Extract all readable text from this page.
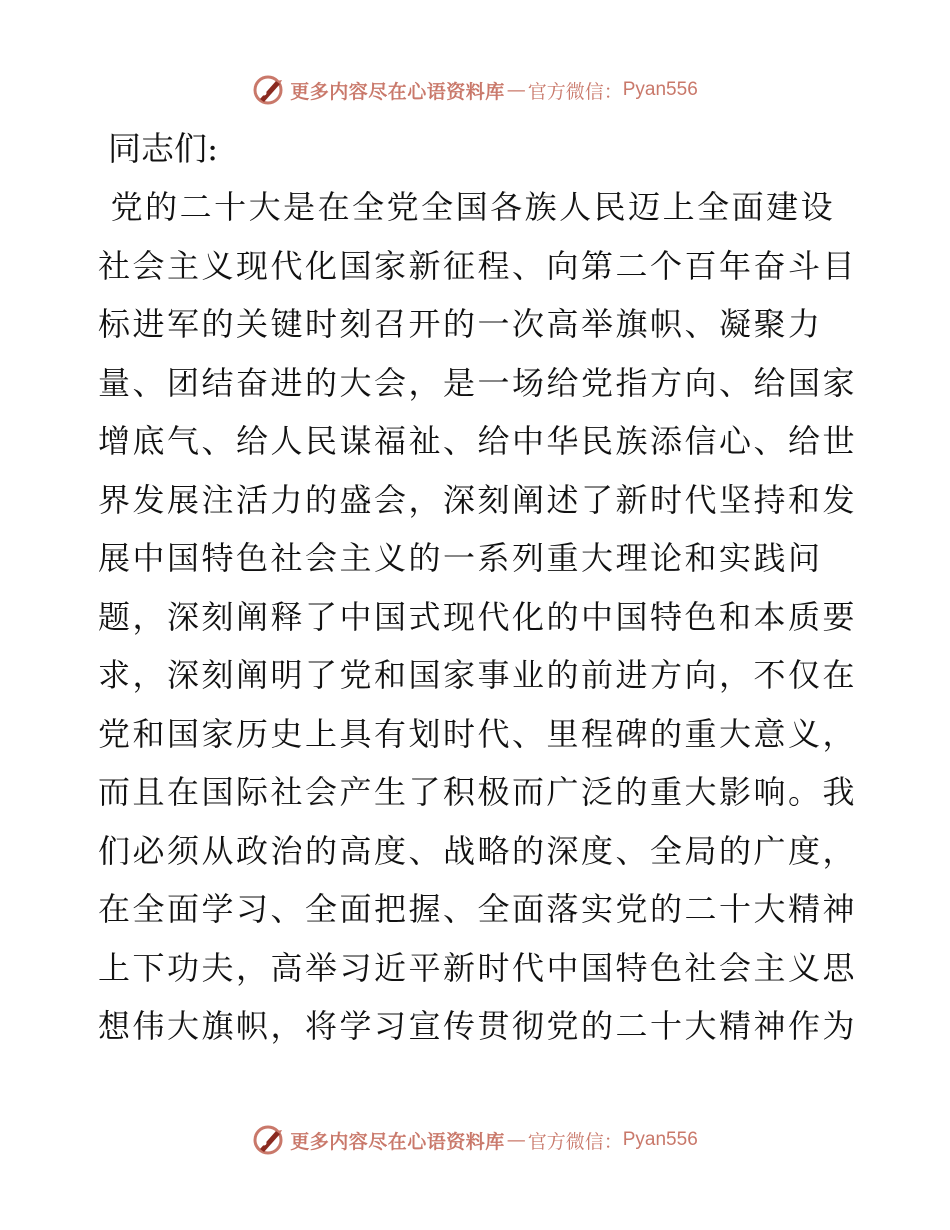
更多内容尽在心语资料库 — 官方微信： Pyan556
同志们:
党的二十大是在全党全国各族人民迈上全面建设
社会主义现代化国家新征程、向第二个百年奋斗目
标进军的关键时刻召开的一次高举旗帜、凝聚力
量、团结奋进的大会，是一场给党指方向、给国家
增底气、给人民谋福祉、给中华民族添信心、给世
界发展注活力的盛会，深刻阐述了新时代坚持和发
展中国特色社会主义的一系列重大理论和实践问
题，深刻阐释了中国式现代化的中国特色和本质要
求，深刻阐明了党和国家事业的前进方向，不仅在
党和国家历史上具有划时代、里程碑的重大意义，
而且在国际社会产生了积极而广泛的重大影响。我
们必须从政治的高度、战略的深度、全局的广度，
在全面学习、全面把握、全面落实党的二十大精神
上下功夫，高举习近平新时代中国特色社会主义思
想伟大旗帜，将学习宣传贯彻党的二十大精神作为
更多内容尽在心语资料库 — 官方微信： Pyan556
